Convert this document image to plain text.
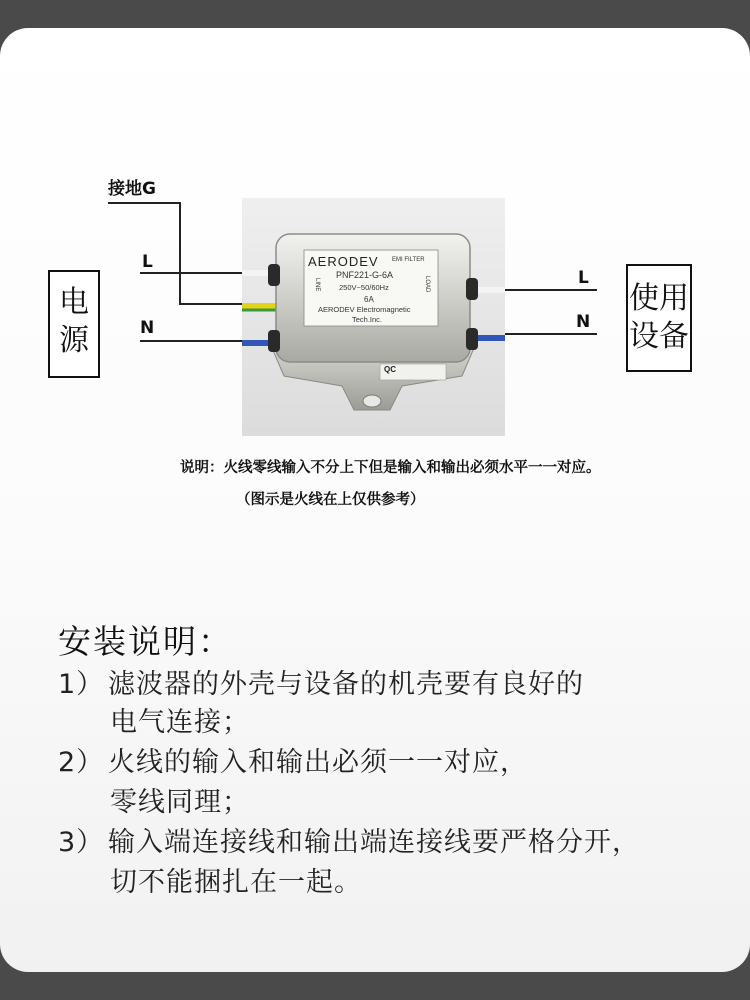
接地G
L
N
L
N
电源
使用设备
AERODEV EMI FILTER
PNF221-G-6A
250V~50/60Hz
6A
AERODEV Electromagnetic
Tech.Inc.
LINE	LOAD
QC
说明：火线零线输入不分上下但是输入和输出必须水平一一对应。
（图示是火线在上仅供参考）
安装说明：
1） 滤波器的外壳与设备的机壳要有良好的
电气连接；
2） 火线的输入和输出必须一一对应，
零线同理；
3） 输入端连接线和输出端连接线要严格分开，
切不能捆扎在一起。
